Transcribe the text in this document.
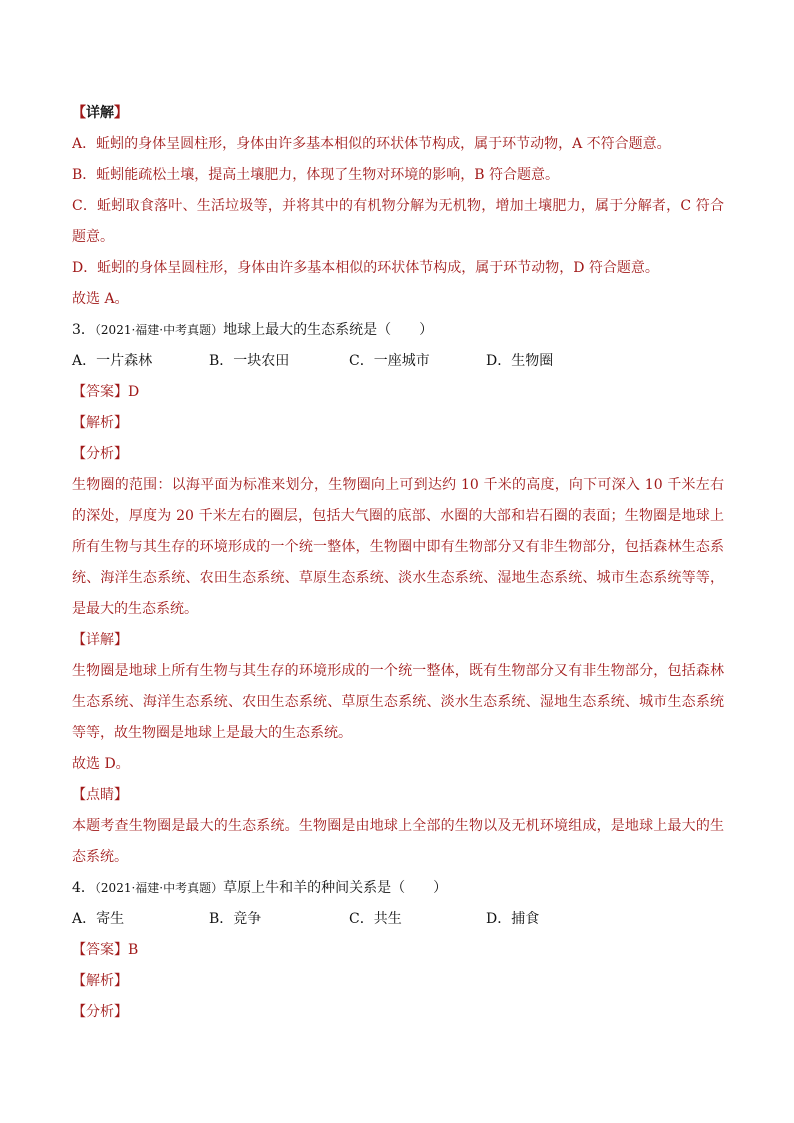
【详解】
A．蚯蚓的身体呈圆柱形，身体由许多基本相似的环状体节构成，属于环节动物，A 不符合题意。
B．蚯蚓能疏松土壤，提高土壤肥力，体现了生物对环境的影响，B 符合题意。
C．蚯蚓取食落叶、生活垃圾等，并将其中的有机物分解为无机物，增加土壤肥力，属于分解者，C 符合题意。
D．蚯蚓的身体呈圆柱形，身体由许多基本相似的环状体节构成，属于环节动物，D 符合题意。
故选 A。
3．（2021·福建·中考真题）地球上最大的生态系统是（　　）
A．一片森林	B．一块农田	C．一座城市	D．生物圈
【答案】D
【解析】
【分析】
生物圈的范围：以海平面为标准来划分，生物圈向上可到达约 10 千米的高度，向下可深入 10 千米左右的深处，厚度为 20 千米左右的圈层，包括大气圈的底部、水圈的大部和岩石圈的表面；生物圈是地球上所有生物与其生存的环境形成的一个统一整体，生物圈中即有生物部分又有非生物部分，包括森林生态系统、海洋生态系统、农田生态系统、草原生态系统、淡水生态系统、湿地生态系统、城市生态系统等等，是最大的生态系统。
【详解】
生物圈是地球上所有生物与其生存的环境形成的一个统一整体，既有生物部分又有非生物部分，包括森林生态系统、海洋生态系统、农田生态系统、草原生态系统、淡水生态系统、湿地生态系统、城市生态系统等等，故生物圈是地球上是最大的生态系统。
故选 D。
【点睛】
本题考查生物圈是最大的生态系统。生物圈是由地球上全部的生物以及无机环境组成，是地球上最大的生态系统。
4．（2021·福建·中考真题）草原上牛和羊的种间关系是（　　）
A．寄生	B．竞争	C．共生	D．捕食
【答案】B
【解析】
【分析】
